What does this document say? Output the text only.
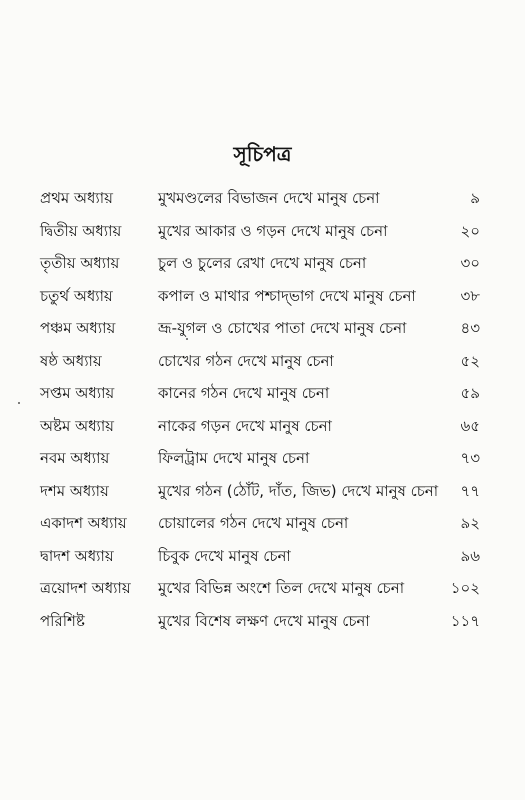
সূচিপত্র
প্রথম অধ্যায়	মুখমণ্ডলের বিভাজন দেখে মানুষ চেনা	৯
দ্বিতীয় অধ্যায় মুখের আকার ও গড়ন দেখে মানুষ চেনা	২০
তৃতীয় অধ্যায়	চুল ও চুলের রেখা দেখে মানুষ চেনা	৩০
চতুর্থ অধ্যায়	কপাল ও মাথার পশ্চাদ্‌ভাগ দেখে মানুষ চেনা	৩৮
পঞ্চম অধ্যায়	ভ্রূ-যুগল ও চোখের পাতা দেখে মানুষ চেনা	৪৩
ষষ্ঠ অধ্যায়	চোখের গঠন দেখে মানুষ চেনা	৫২
সপ্তম অধ্যায়	কানের গঠন দেখে মানুষ চেনা	৫৯
অষ্টম অধ্যায়	নাকের গড়ন দেখে মানুষ চেনা	৬৫
নবম অধ্যায়	ফিলট্রাম দেখে মানুষ চেনা	৭৩
দশম অধ্যায়	মুখের গঠন (ঠোঁট, দাঁত, জিভ) দেখে মানুষ চেনা ৭৭
একাদশ অধ্যায় চোয়ালের গঠন দেখে মানুষ চেনা	৯২
দ্বাদশ অধ্যায়	চিবুক দেখে মানুষ চেনা	৯৬
ত্রয়োদশ অধ্যায় মুখের বিভিন্ন অংশে তিল দেখে মানুষ চেনা	১০২
পরিশিষ্ট	মুখের বিশেষ লক্ষণ দেখে মানুষ চেনা	১১৭
